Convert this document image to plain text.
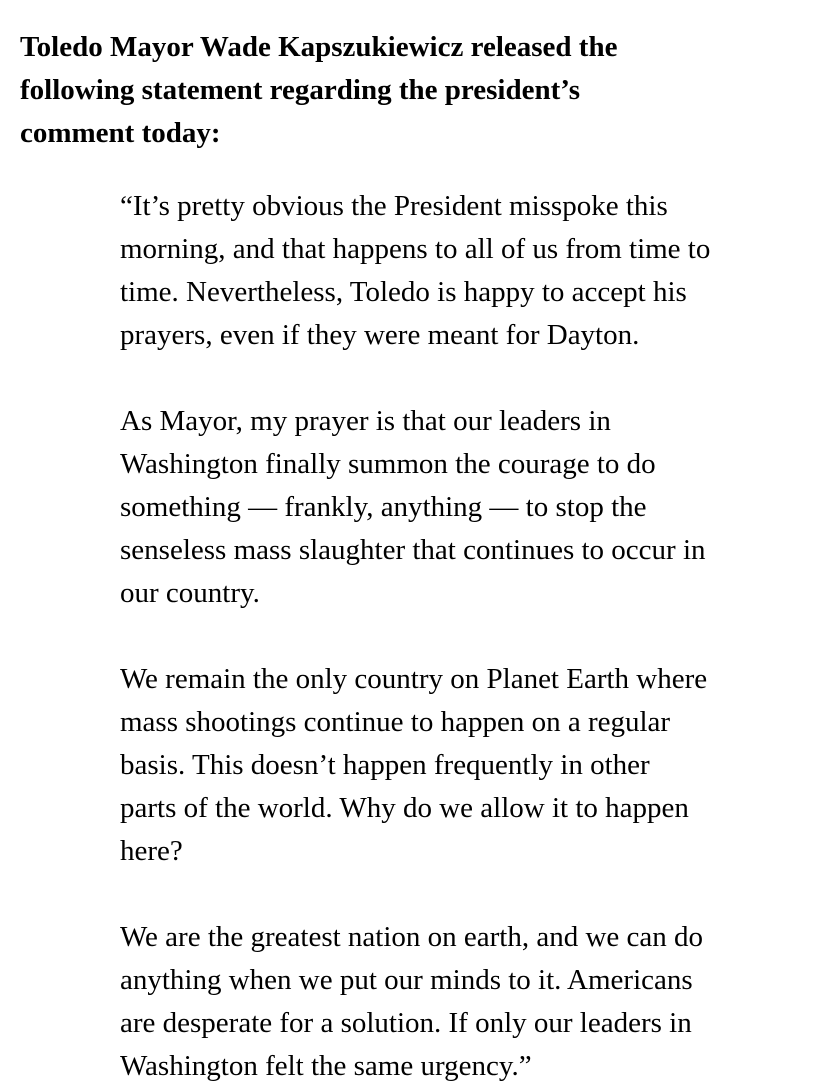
Toledo Mayor Wade Kapszukiewicz released the
following statement regarding the president’s
comment today:

“It’s pretty obvious the President misspoke this
morning, and that happens to all of us from time to
time. Nevertheless, Toledo is happy to accept his
prayers, even if they were meant for Dayton.

As Mayor, my prayer is that our leaders in
Washington finally summon the courage to do
something — frankly, anything — to stop the
senseless mass slaughter that continues to occur in
our country.

We remain the only country on Planet Earth where
mass shootings continue to happen on a regular
basis. This doesn’t happen frequently in other
parts of the world. Why do we allow it to happen
here?

We are the greatest nation on earth, and we can do
anything when we put our minds to it. Americans
are desperate for a solution. If only our leaders in
Washington felt the same urgency.”
